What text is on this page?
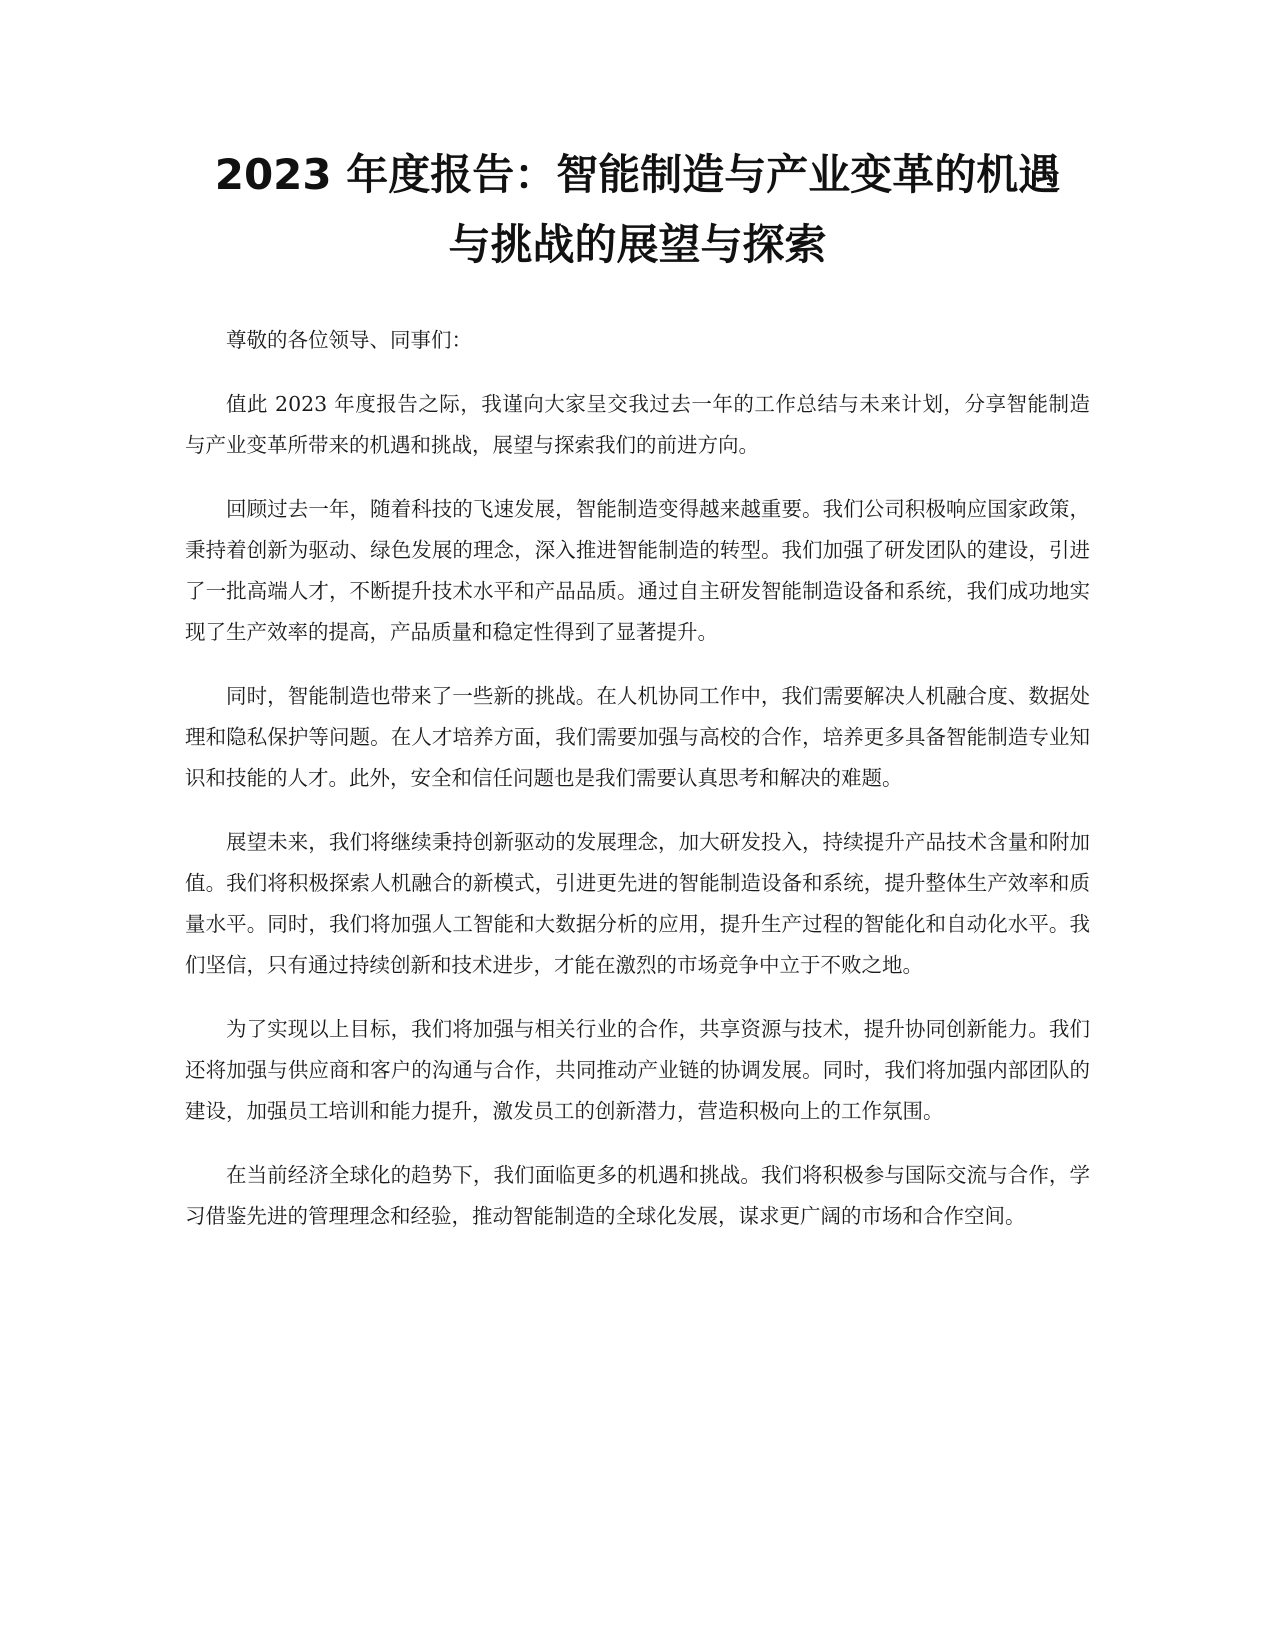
2023 年度报告：智能制造与产业变革的机遇
与挑战的展望与探索

尊敬的各位领导、同事们：

值此 2023 年度报告之际，我谨向大家呈交我过去一年的工作总结与未来计划，分享智能制造与产业变革所带来的机遇和挑战，展望与探索我们的前进方向。

回顾过去一年，随着科技的飞速发展，智能制造变得越来越重要。我们公司积极响应国家政策，秉持着创新为驱动、绿色发展的理念，深入推进智能制造的转型。我们加强了研发团队的建设，引进了一批高端人才，不断提升技术水平和产品品质。通过自主研发智能制造设备和系统，我们成功地实现了生产效率的提高，产品质量和稳定性得到了显著提升。

同时，智能制造也带来了一些新的挑战。在人机协同工作中，我们需要解决人机融合度、数据处理和隐私保护等问题。在人才培养方面，我们需要加强与高校的合作，培养更多具备智能制造专业知识和技能的人才。此外，安全和信任问题也是我们需要认真思考和解决的难题。

展望未来，我们将继续秉持创新驱动的发展理念，加大研发投入，持续提升产品技术含量和附加值。我们将积极探索人机融合的新模式，引进更先进的智能制造设备和系统，提升整体生产效率和质量水平。同时，我们将加强人工智能和大数据分析的应用，提升生产过程的智能化和自动化水平。我们坚信，只有通过持续创新和技术进步，才能在激烈的市场竞争中立于不败之地。

为了实现以上目标，我们将加强与相关行业的合作，共享资源与技术，提升协同创新能力。我们还将加强与供应商和客户的沟通与合作，共同推动产业链的协调发展。同时，我们将加强内部团队的建设，加强员工培训和能力提升，激发员工的创新潜力，营造积极向上的工作氛围。

在当前经济全球化的趋势下，我们面临更多的机遇和挑战。我们将积极参与国际交流与合作，学习借鉴先进的管理理念和经验，推动智能制造的全球化发展，谋求更广阔的市场和合作空间。
